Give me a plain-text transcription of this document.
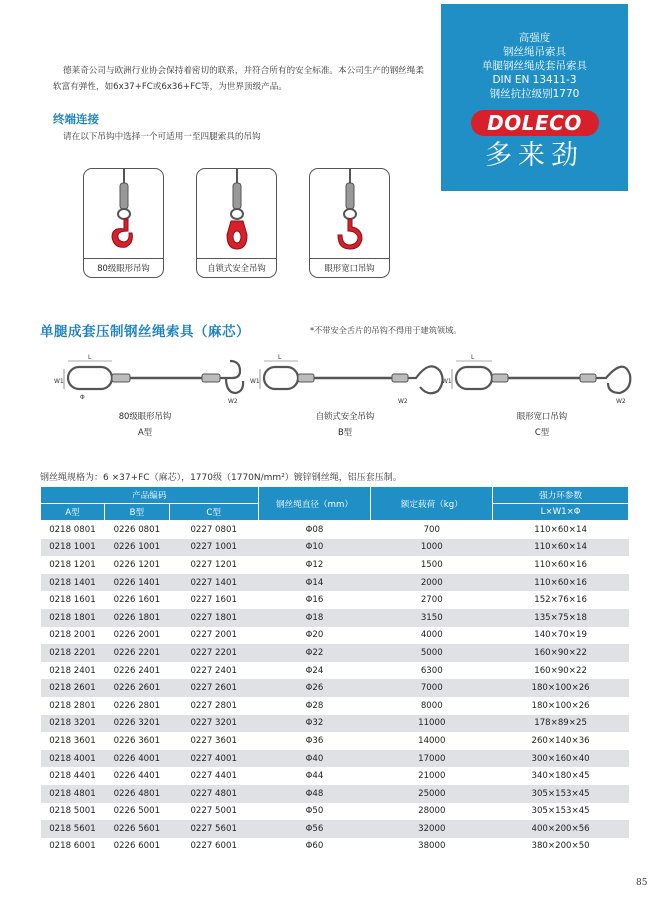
高强度
钢丝绳吊索具
单腿钢丝绳成套吊索具
DIN EN 13411-3
钢丝抗拉级别1770
DOLECO
多来劲
德莱奇公司与欧洲行业协会保持着密切的联系，并符合所有的安全标准。本公司生产的钢丝绳柔软富有弹性，如6x37+FC或6x36+FC等，为世界顶级产品。
终端连接
请在以下吊钩中选择一个可适用一至四腿索具的吊钩
80级眼形吊钩	自锁式安全吊钩	眼形宽口吊钩
单腿成套压制钢丝绳索具（麻芯）	*不带安全舌片的吊钩不得用于建筑领域。
W1
L
Φ
W2
W1
L
W2
W1
L
W2
80级眼形吊钩
A型
自锁式安全吊钩
B型
眼形宽口吊钩
C型
钢丝绳规格为：6 ×37+FC（麻芯），1770级（1770N/mm²）镀锌钢丝绳，铝压套压制。
产品编码			钢丝绳直径（mm）	额定载荷（kg）	强力环参数
A型	B型	C型			L×W1×Φ
0218 0801	0226 0801	0227 0801	Φ08	700	110×60×14
0218 1001	0226 1001	0227 1001	Φ10	1000	110×60×14
0218 1201	0226 1201	0227 1201	Φ12	1500	110×60×16
0218 1401	0226 1401	0227 1401	Φ14	2000	110×60×16
0218 1601	0226 1601	0227 1601	Φ16	2700	152×76×16
0218 1801	0226 1801	0227 1801	Φ18	3150	135×75×18
0218 2001	0226 2001	0227 2001	Φ20	4000	140×70×19
0218 2201	0226 2201	0227 2201	Φ22	5000	160×90×22
0218 2401	0226 2401	0227 2401	Φ24	6300	160×90×22
0218 2601	0226 2601	0227 2601	Φ26	7000	180×100×26
0218 2801	0226 2801	0227 2801	Φ28	8000	180×100×26
0218 3201	0226 3201	0227 3201	Φ32	11000	178×89×25
0218 3601	0226 3601	0227 3601	Φ36	14000	260×140×36
0218 4001	0226 4001	0227 4001	Φ40	17000	300×160×40
0218 4401	0226 4401	0227 4401	Φ44	21000	340×180×45
0218 4801	0226 4801	0227 4801	Φ48	25000	305×153×45
0218 5001	0226 5001	0227 5001	Φ50	28000	305×153×45
0218 5601	0226 5601	0227 5601	Φ56	32000	400×200×56
0218 6001	0226 6001	0227 6001	Φ60	38000	380×200×50
85
